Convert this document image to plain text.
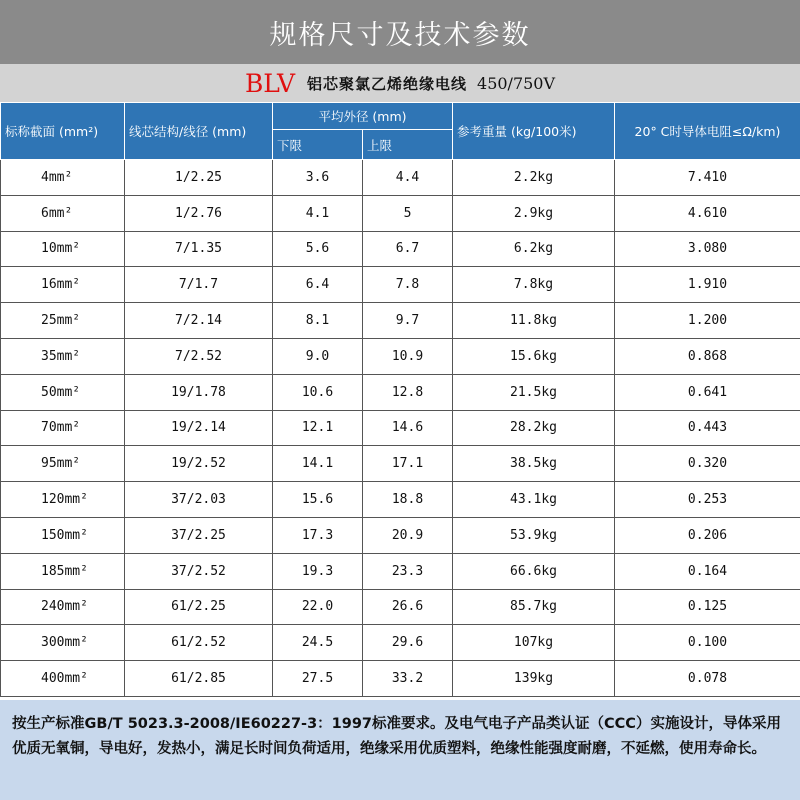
规格尺寸及技术参数
BLV 铝芯聚氯乙烯绝缘电线 450/750V
标称截面 (mm²)	线芯结构/线径 (mm)	平均外径 (mm)		参考重量 (kg/100米)	20° C时导体电阻≤Ω/km)
		下限	上限		
4mm²	1/2.25	3.6	4.4	2.2kg	7.410
6mm²	1/2.76	4.1	5	2.9kg	4.610
10mm²	7/1.35	5.6	6.7	6.2kg	3.080
16mm²	7/1.7	6.4	7.8	7.8kg	1.910
25mm²	7/2.14	8.1	9.7	11.8kg	1.200
35mm²	7/2.52	9.0	10.9	15.6kg	0.868
50mm²	19/1.78	10.6	12.8	21.5kg	0.641
70mm²	19/2.14	12.1	14.6	28.2kg	0.443
95mm²	19/2.52	14.1	17.1	38.5kg	0.320
120mm²	37/2.03	15.6	18.8	43.1kg	0.253
150mm²	37/2.25	17.3	20.9	53.9kg	0.206
185mm²	37/2.52	19.3	23.3	66.6kg	0.164
240mm²	61/2.25	22.0	26.6	85.7kg	0.125
300mm²	61/2.52	24.5	29.6	107kg	0.100
400mm²	61/2.85	27.5	33.2	139kg	0.078
按生产标准GB/T 5023.3-2008/IE60227-3：1997标准要求。及电气电子产品类认证（CCC）实施设计，导体采用优质无氧铜，导电好，发热小，满足长时间负荷适用，绝缘采用优质塑料，绝缘性能强度耐磨，不延燃，使用寿命长。
